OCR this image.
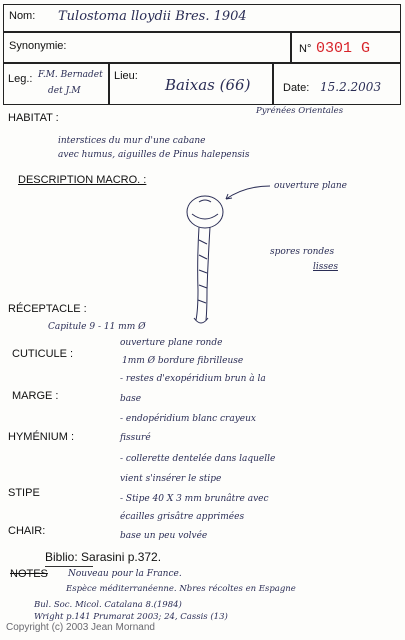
Nom: Tulostoma lloydii Bres. 1904
Synonymie:	N° 0301 G
Leg.: F.M. Bernadet
det J.M
Lieu: Baixas (66)
Pyrénées Orientales
Date: 15.2.2003
HABITAT :
interstices du mur d'une cabane
avec humus, aiguilles de Pinus halepensis
DESCRIPTION MACRO. :	ouverture plane
spores rondes
lisses
RÉCEPTACLE :
Capitule 9 - 11 mm Ø
ouverture plane ronde
CUTICULE :
1mm Ø bordure fibrilleuse
MARGE :
- restes d'exopéridium brun à la
base
HYMÉNIUM :
- endopéridium blanc crayeux
fissuré
STIPE
- collerette dentelée dans laquelle
vient s'insérer le stipe
- Stipe 40 X 3 mm brunâtre avec
écailles grisâtre apprimées
CHAIR:	base un peu volvée
Biblio: Sarasini p.372.
NOTES Nouveau pour la France.
Espèce méditerranéenne. Nbres récoltes en Espagne
Bul. Soc. Micol. Catalana 8.(1984)
Wright p.141 Prumarat 2003; 24, Cassis (13)
Copyright (c) 2003 Jean Mornand
